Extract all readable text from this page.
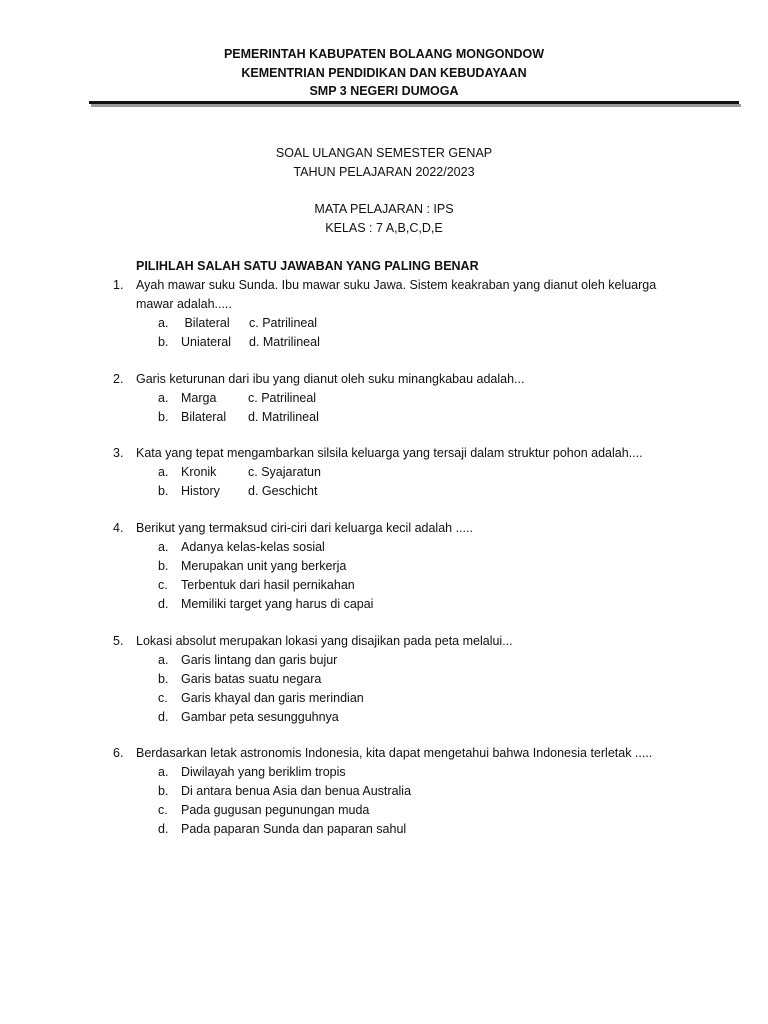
PEMERINTAH KABUPATEN BOLAANG MONGONDOW
KEMENTRIAN PENDIDIKAN DAN KEBUDAYAAN
SMP 3 NEGERI DUMOGA
SOAL ULANGAN SEMESTER GENAP
TAHUN PELAJARAN 2022/2023
MATA PELAJARAN : IPS
KELAS : 7 A,B,C,D,E
PILIHLAH SALAH SATU JAWABAN YANG PALING BENAR
1.	Ayah mawar suku Sunda. Ibu mawar suku Jawa. Sistem keakraban yang dianut oleh keluarga
mawar adalah.....
a. Bilateral c. Patrilineal
b. Uniateral d. Matrilineal
2.	Garis keturunan dari ibu yang dianut oleh suku minangkabau adalah...
a. Marga	c. Patrilineal
b. Bilateral d. Matrilineal
3.	Kata yang tepat mengambarkan silsila keluarga yang tersaji dalam struktur pohon adalah....
a. Kronik	c. Syajaratun
b. History d. Geschicht
4.	Berikut yang termaksud ciri-ciri dari keluarga kecil adalah .....
a. Adanya kelas-kelas sosial
b. Merupakan unit yang berkerja
c. Terbentuk dari hasil pernikahan
d. Memiliki target yang harus di capai
5.	Lokasi absolut merupakan lokasi yang disajikan pada peta melalui...
a. Garis lintang dan garis bujur
b. Garis batas suatu negara
c. Garis khayal dan garis merindian
d. Gambar peta sesungguhnya
6.	Berdasarkan letak astronomis Indonesia, kita dapat mengetahui bahwa Indonesia terletak .....
a. Diwilayah yang beriklim tropis
b. Di antara benua Asia dan benua Australia
c. Pada gugusan pegunungan muda
d. Pada paparan Sunda dan paparan sahul
